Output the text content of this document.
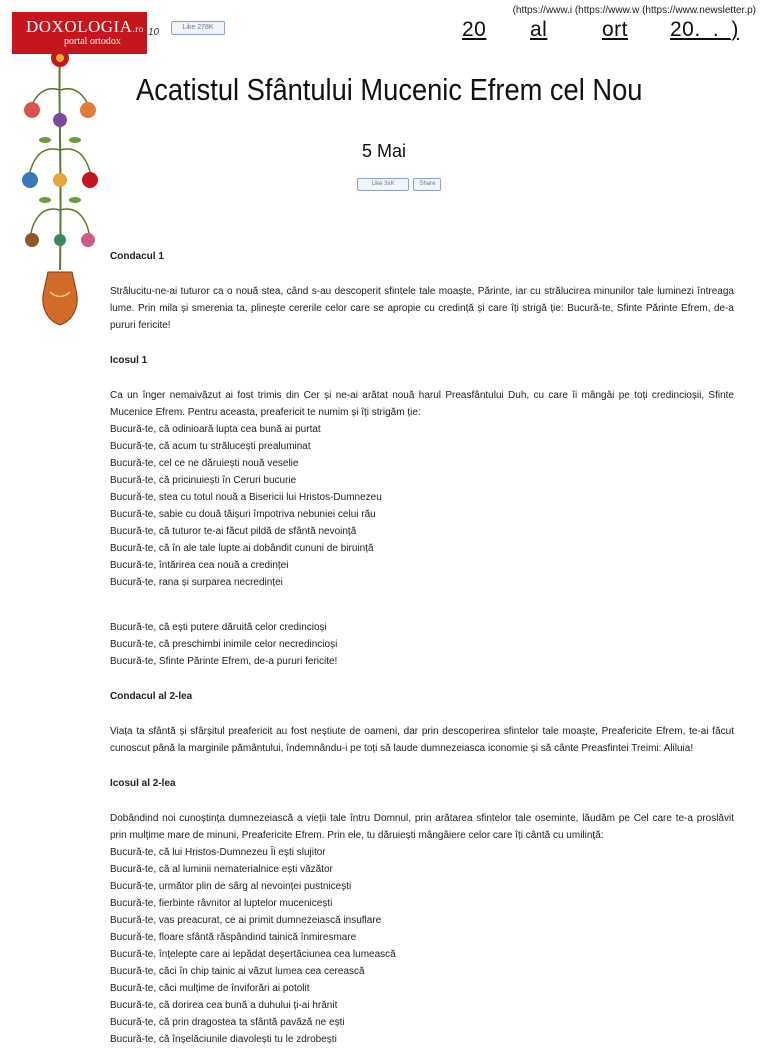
DOXOLOGIA.ro
portal ortodox
10	Like 278K
(https://www.i (https://www.w (https://www.newsletter.p)
20 al	ort 20._._)
Acatistul Sfântului Mucenic Efrem cel Nou
5 Mai
Like 3xK	Share

Condacul 1

Strălucitu-ne-ai tuturor ca o nouă stea, când s-au descoperit sfintele tale moaște, Părinte, iar cu strălucirea minunilor tale luminezi întreaga lume. Prin mila și smerenia ta, plinește cererile celor care se apropie cu credință și care îți strigă ție: Bucură-te, Sfinte Părinte Efrem, de-a pururi fericite!

Icosul 1

Ca un înger nemaivăzut ai fost trimis din Cer și ne-ai arătat nouă harul Preasfântului Duh, cu care îi mângâi pe toți credincioșii, Sfinte Mucenice Efrem. Pentru aceasta, preafericit te numim și îți strigăm ție:

Bucură-te, că odinioară lupta cea bună ai purtat

Bucură-te, că acum tu strălucești prealuminat

Bucură-te, cel ce ne dăruiești nouă veselie

Bucură-te, că pricinuiești în Ceruri bucurie

Bucură-te, stea cu totul nouă a Bisericii lui Hristos-Dumnezeu

Bucură-te, sabie cu două tăișuri împotriva nebuniei celui rău

Bucură-te, că tuturor te-ai făcut pildă de sfântă nevoință

Bucură-te, că în ale tale lupte ai dobândit cununi de biruință

Bucură-te, întărirea cea nouă a credinței

Bucură-te, rana și surparea necredinței

Bucură-te, că ești putere dăruită celor credincioși

Bucură-te, că preschimbi inimile celor necredincioși

Bucură-te, Sfinte Părinte Efrem, de-a pururi fericite!

Condacul al 2-lea

Viața ta sfântă și sfârșitul preafericit au fost neștiute de oameni, dar prin descoperirea sfintelor tale moaște, Preafericite Efrem, te-ai făcut cunoscut până la marginile pământului, îndemnându-i pe toți să laude dumnezeiasca iconomie și să cânte Preasfintei Treimi: Aliluia!

Icosul al 2-lea

Dobândind noi cunoștința dumnezeiască a vieții tale întru Domnul, prin arătarea sfintelor tale oseminte, lăudăm pe Cel care te-a proslăvit prin mulțime mare de minuni, Preafericite Efrem. Prin ele, tu dăruiești mângâiere celor care îți cântă cu umilință:

Bucură-te, că lui Hristos-Dumnezeu Îi ești slujitor

Bucură-te, că al luminii nematerialnice ești văzător

Bucură-te, următor plin de sârg al nevoinței pustnicești

Bucură-te, fierbinte râvnitor al luptelor mucenicești

Bucură-te, vas preacurat, ce ai primit dumnezeiască insuflare

Bucură-te, floare sfântă răspândind tainică înmiresmare

Bucură-te, înțelepte care ai lepădat deșertăciunea cea lumească

Bucură-te, căci în chip tainic ai văzut lumea cea cerească

Bucură-te, căci mulțime de înviforări ai potolit

Bucură-te, că dorirea cea bună a duhului ți-ai hrănit

Bucură-te, că prin dragostea ta sfântă pavăză ne ești

Bucură-te, că înșelăciunile diavolești tu le zdrobești
